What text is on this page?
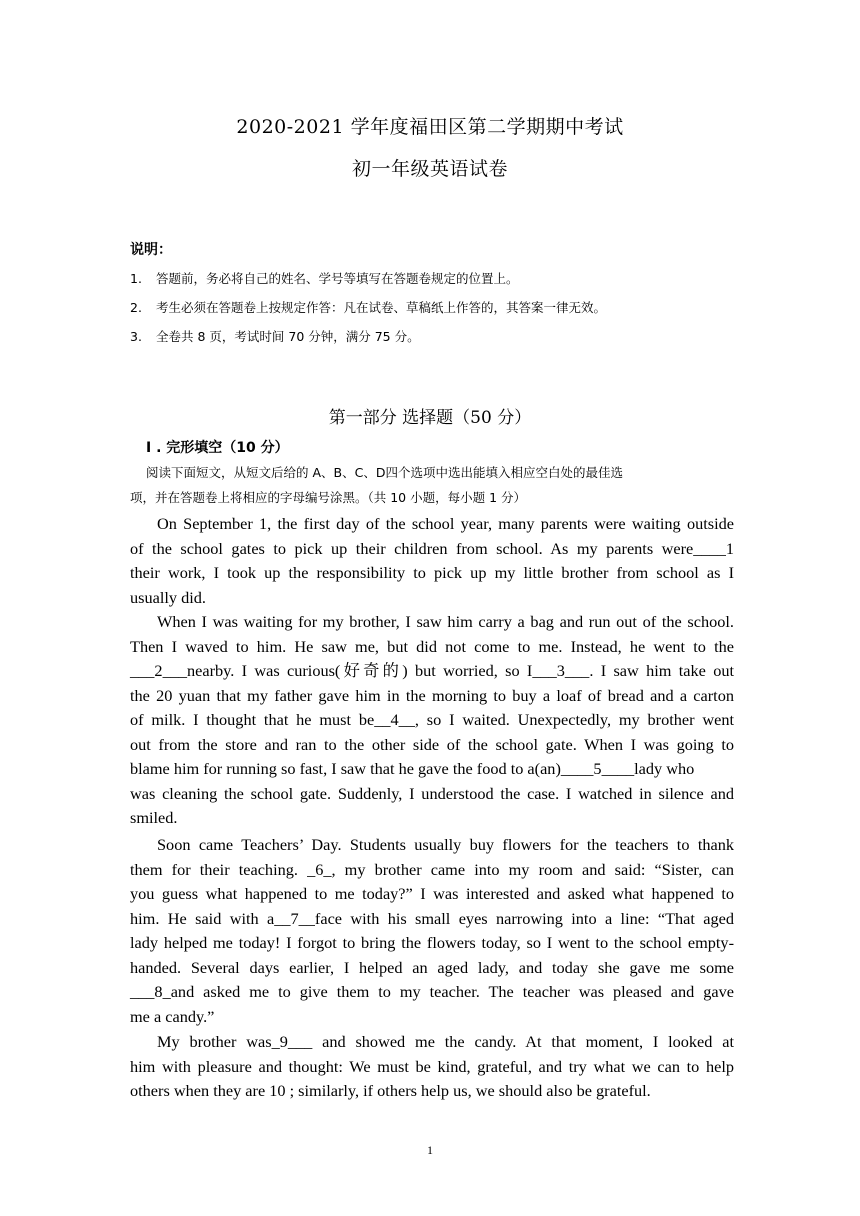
2020-2021 学年度福田区第二学期期中考试
初一年级英语试卷
说明：
1. 答题前，务必将自己的姓名、学号等填写在答题卷规定的位置上。
2. 考生必须在答题卷上按规定作答：凡在试卷、草稿纸上作答的，其答案一律无效。
3. 全卷共 8 页，考试时间 70 分钟，满分 75 分。
第一部分 选择题（50 分）
I . 完形填空（10 分）
阅读下面短文，从短文后给的 A、B、C、D四个选项中选出能填入相应空白处的最佳选
项，并在答题卷上将相应的字母编号涂黑。（共 10 小题，每小题 1 分）
On September 1, the first day of the school year, many parents were waiting outside
of the school gates to pick up their children from school. As my parents were____1
their work, I took up the responsibility to pick up my little brother from school as I
usually did.
When I was waiting for my brother, I saw him carry a bag and run out of the school.
Then I waved to him. He saw me, but did not come to me. Instead, he went to the
___2___nearby. I was curious(好奇的) but worried, so I___3___. I saw him take out
the 20 yuan that my father gave him in the morning to buy a loaf of bread and a carton
of milk. I thought that he must be__4__, so I waited. Unexpectedly, my brother went
out from the store and ran to the other side of the school gate. When I was going to
blame him for running so fast, I saw that he gave the food to a(an)____5____lady who
was cleaning the school gate. Suddenly, I understood the case. I watched in silence and
smiled.
Soon came Teachers’ Day. Students usually buy flowers for the teachers to thank
them for their teaching. _6_, my brother came into my room and said: “Sister, can
you guess what happened to me today?” I was interested and asked what happened to
him. He said with a__7__face with his small eyes narrowing into a line: “That aged
lady helped me today! I forgot to bring the flowers today, so I went to the school empty-
handed. Several days earlier, I helped an aged lady, and today she gave me some
___8_and asked me to give them to my teacher. The teacher was pleased and gave
me a candy.”
My brother was_9___ and showed me the candy. At that moment, I looked at
him with pleasure and thought: We must be kind, grateful, and try what we can to help
others when they are 10 ; similarly, if others help us, we should also be grateful.
1
